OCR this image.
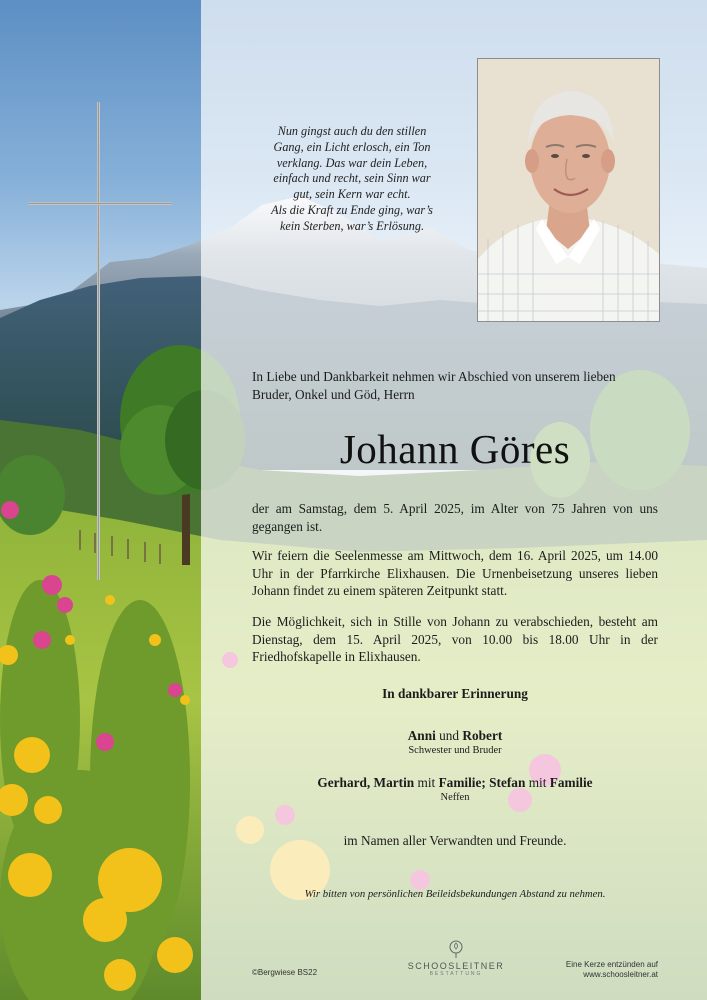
Nun gingst auch du den stillen
Gang, ein Licht erlosch, ein Ton
verklang. Das war dein Leben,
einfach und recht, sein Sinn war
gut, sein Kern war echt.
Als die Kraft zu Ende ging, war’s
kein Sterben, war’s Erlösung.
In Liebe und Dankbarkeit nehmen wir Abschied von unserem lieben Bruder, Onkel und Göd, Herrn
Johann Göres
der am Samstag, dem 5. April 2025, im Alter von 75 Jahren von uns gegangen ist.
Wir feiern die Seelenmesse am Mittwoch, dem 16. April 2025, um 14.00 Uhr in der Pfarrkirche Elixhausen. Die Urnenbeisetzung unseres lieben Johann findet zu einem späteren Zeitpunkt statt.
Die Möglichkeit, sich in Stille von Johann zu verabschieden, besteht am Dienstag, dem 15. April 2025, von 10.00 bis 18.00 Uhr in der Friedhofskapelle in Elixhausen.
In dankbarer Erinnerung
Anni und Robert
Schwester und Bruder
Gerhard, Martin mit Familie; Stefan mit Familie
Neffen
im Namen aller Verwandten und Freunde.
Wir bitten von persönlichen Beileidsbekundungen Abstand zu nehmen.
©Bergwiese BS22
SCHOOSLEITNER
BESTATTUNG
Eine Kerze entzünden auf
www.schoosleitner.at
